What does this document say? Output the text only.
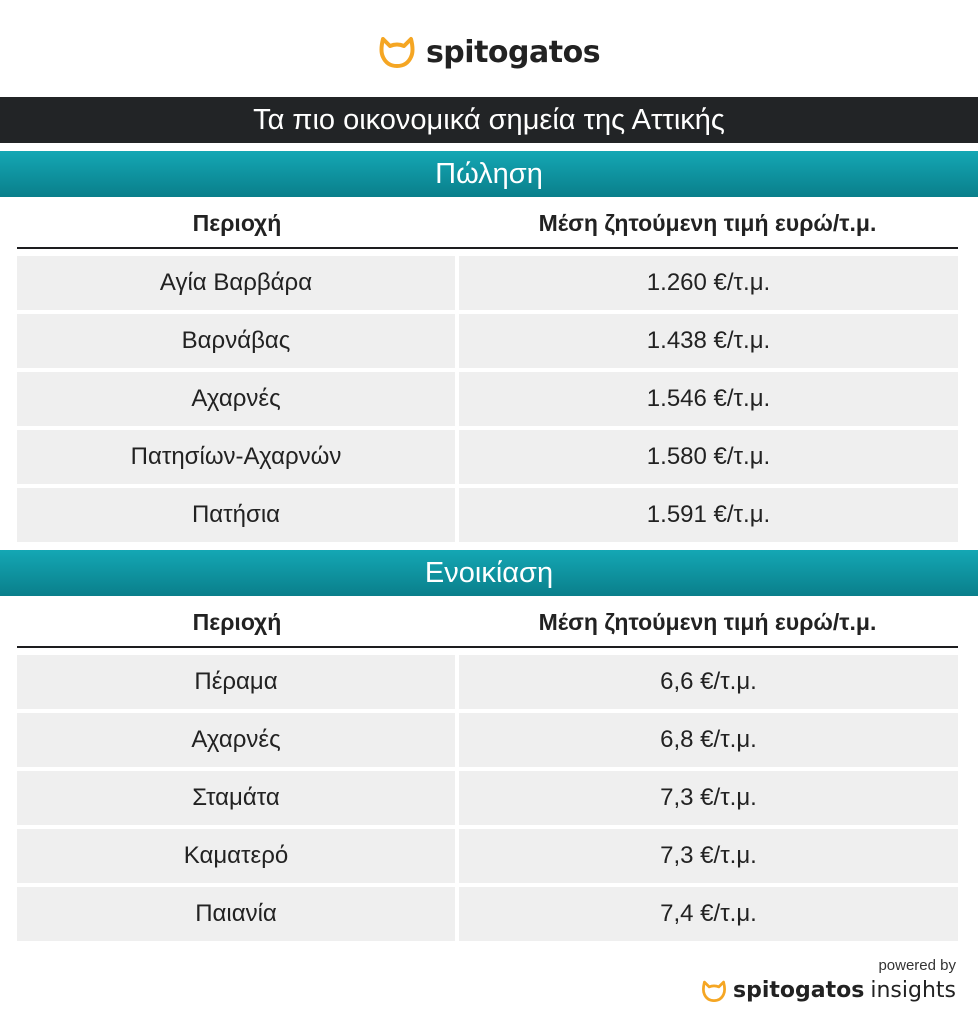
spitogatos
Τα πιο οικονομικά σημεία της Αττικής
Πώληση
Περιοχή	Μέση ζητούμενη τιμή ευρώ/τ.μ.
Αγία Βαρβάρα	1.260 €/τ.μ.
Βαρνάβας	1.438 €/τ.μ.
Αχαρνές	1.546 €/τ.μ.
Πατησίων-Αχαρνών	1.580 €/τ.μ.
Πατήσια	1.591 €/τ.μ.
Ενοικίαση
Περιοχή	Μέση ζητούμενη τιμή ευρώ/τ.μ.
Πέραμα	6,6 €/τ.μ.
Αχαρνές	6,8 €/τ.μ.
Σταμάτα	7,3 €/τ.μ.
Καματερό	7,3 €/τ.μ.
Παιανία	7,4 €/τ.μ.
powered by
spitogatos insights
